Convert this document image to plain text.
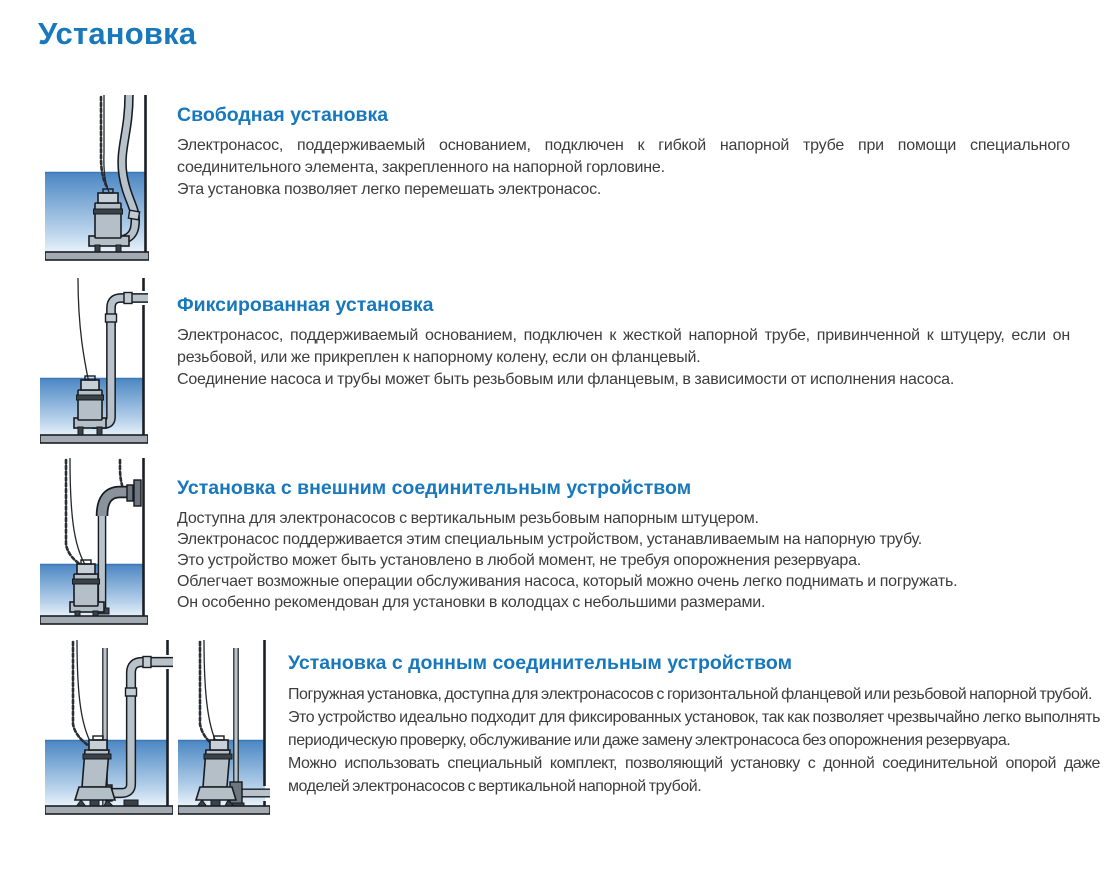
Установка
Свободная установка

Электронасос, поддерживаемый основанием, подключен к гибкой напорной трубе при помощи специального соединительного элемента, закрепленного на напорной горловине.

Эта установка позволяет легко перемешать электронасос.

Фиксированная установка

Электронасос, поддерживаемый основанием, подключен к жесткой напорной трубе, привинченной к штуцеру, если он резьбовой, или же прикреплен к напорному колену, если он фланцевый.

Соединение насоса и трубы может быть резьбовым или фланцевым, в зависимости от исполнения насоса.

Установка с внешним соединительным устройством

Доступна для электронасосов с вертикальным резьбовым напорным штуцером.

Электронасос поддерживается этим специальным устройством, устанавливаемым на напорную трубу.

Это устройство может быть установлено в любой момент, не требуя опорожнения резервуара.

Облегчает возможные операции обслуживания насоса, который можно очень легко поднимать и погружать.

Он особенно рекомендован для установки в колодцах с небольшими размерами.

Установка с донным соединительным устройством

Погружная установка, доступна для электронасосов с горизонтальной фланцевой или резьбовой напорной трубой.

Это устройство идеально подходит для фиксированных установок, так как позволяет чрезвычайно легко выполнять периодическую проверку, обслуживание или даже замену электронасоса без опорожнения резервуара.

Можно использовать специальный комплект, позволяющий установку с донной соединительной опорой даже моделей электронасосов с вертикальной напорной трубой.
